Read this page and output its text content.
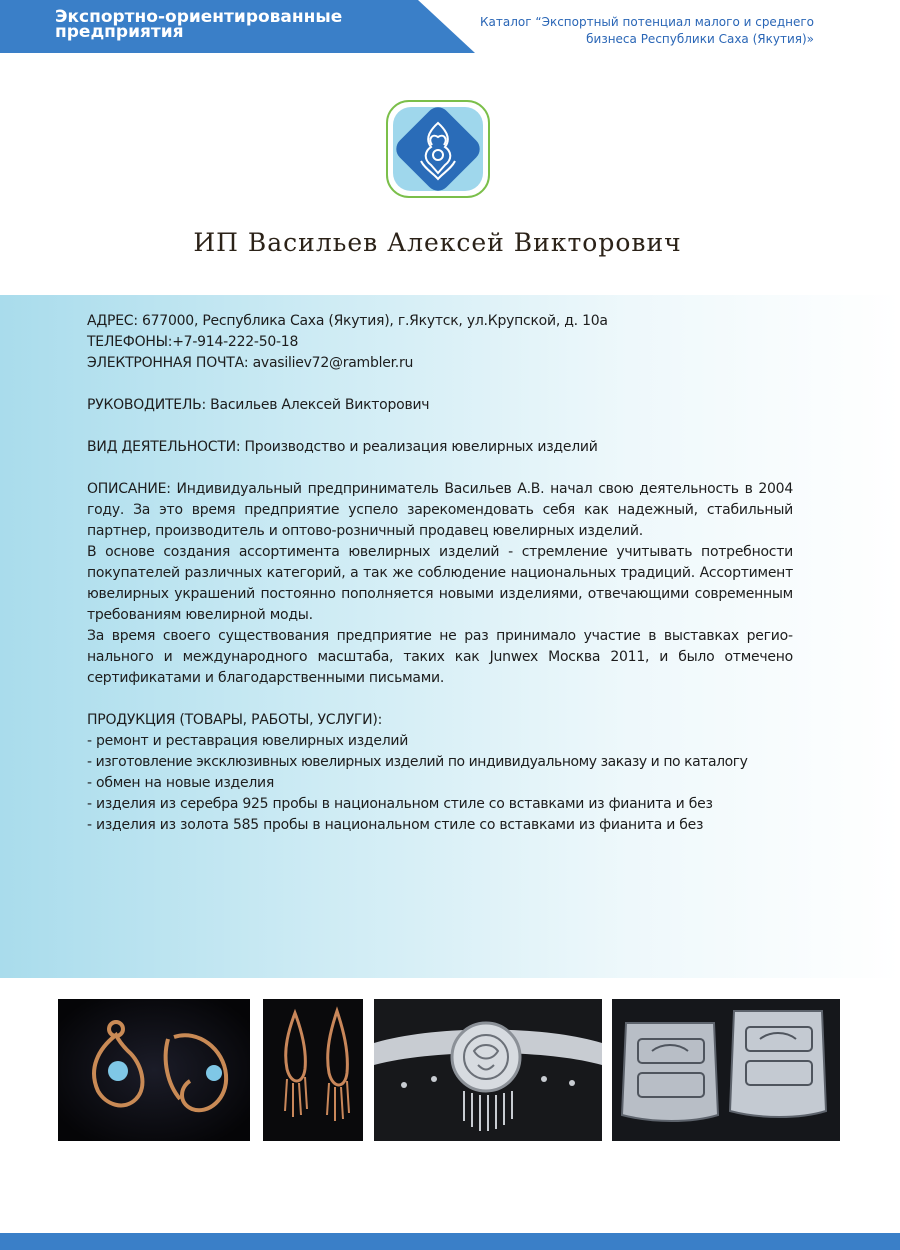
Экспортно-ориентированные предприятия	Каталог “Экспортный потенциал малого и среднего
бизнеса Республики Саха (Якутия)»
ИП Васильев Алексей Викторович

АДРЕС: 677000, Республика Саха (Якутия), г.Якутск, ул.Крупской, д. 10а

ТЕЛЕФОНЫ:+7-914-222-50-18

ЭЛЕКТРОННАЯ ПОЧТА: avasiliev72@rambler.ru

РУКОВОДИТЕЛЬ: Васильев Алексей Викторович

ВИД ДЕЯТЕЛЬНОСТИ: Производство и реализация ювелирных изделий

ОПИСАНИЕ: Индивидуальный предприниматель Васильев А.В. начал свою деятельность в 2004 году. За это время предприятие успело зарекомендовать себя как надежный, стабильный партнер, производитель и оптово-розничный продавец ювелирных изделий.

В основе создания ассортимента ювелирных изделий - стремление учитывать потребности покупателей различных категорий, а так же соблюдение национальных традиций. Ассортимент ювелирных украшений постоянно пополняется новыми изделиями, отвечающими современным требованиям ювелирной моды.

За время своего существования предприятие не раз принимало участие в выставках регионального и международного масштаба, таких как Junwex Москва 2011, и было отмечено сертификатами и благодарственными письмами.

ПРОДУКЦИЯ (ТОВАРЫ, РАБОТЫ, УСЛУГИ):

- ремонт и реставрация ювелирных изделий

- изготовление эксклюзивных ювелирных изделий по индивидуальному заказу и по каталогу

- обмен на новые изделия

- изделия из серебра 925 пробы в национальном стиле со вставками из фианита и без

- изделия из золота 585 пробы в национальном стиле со вставками из фианита и без
